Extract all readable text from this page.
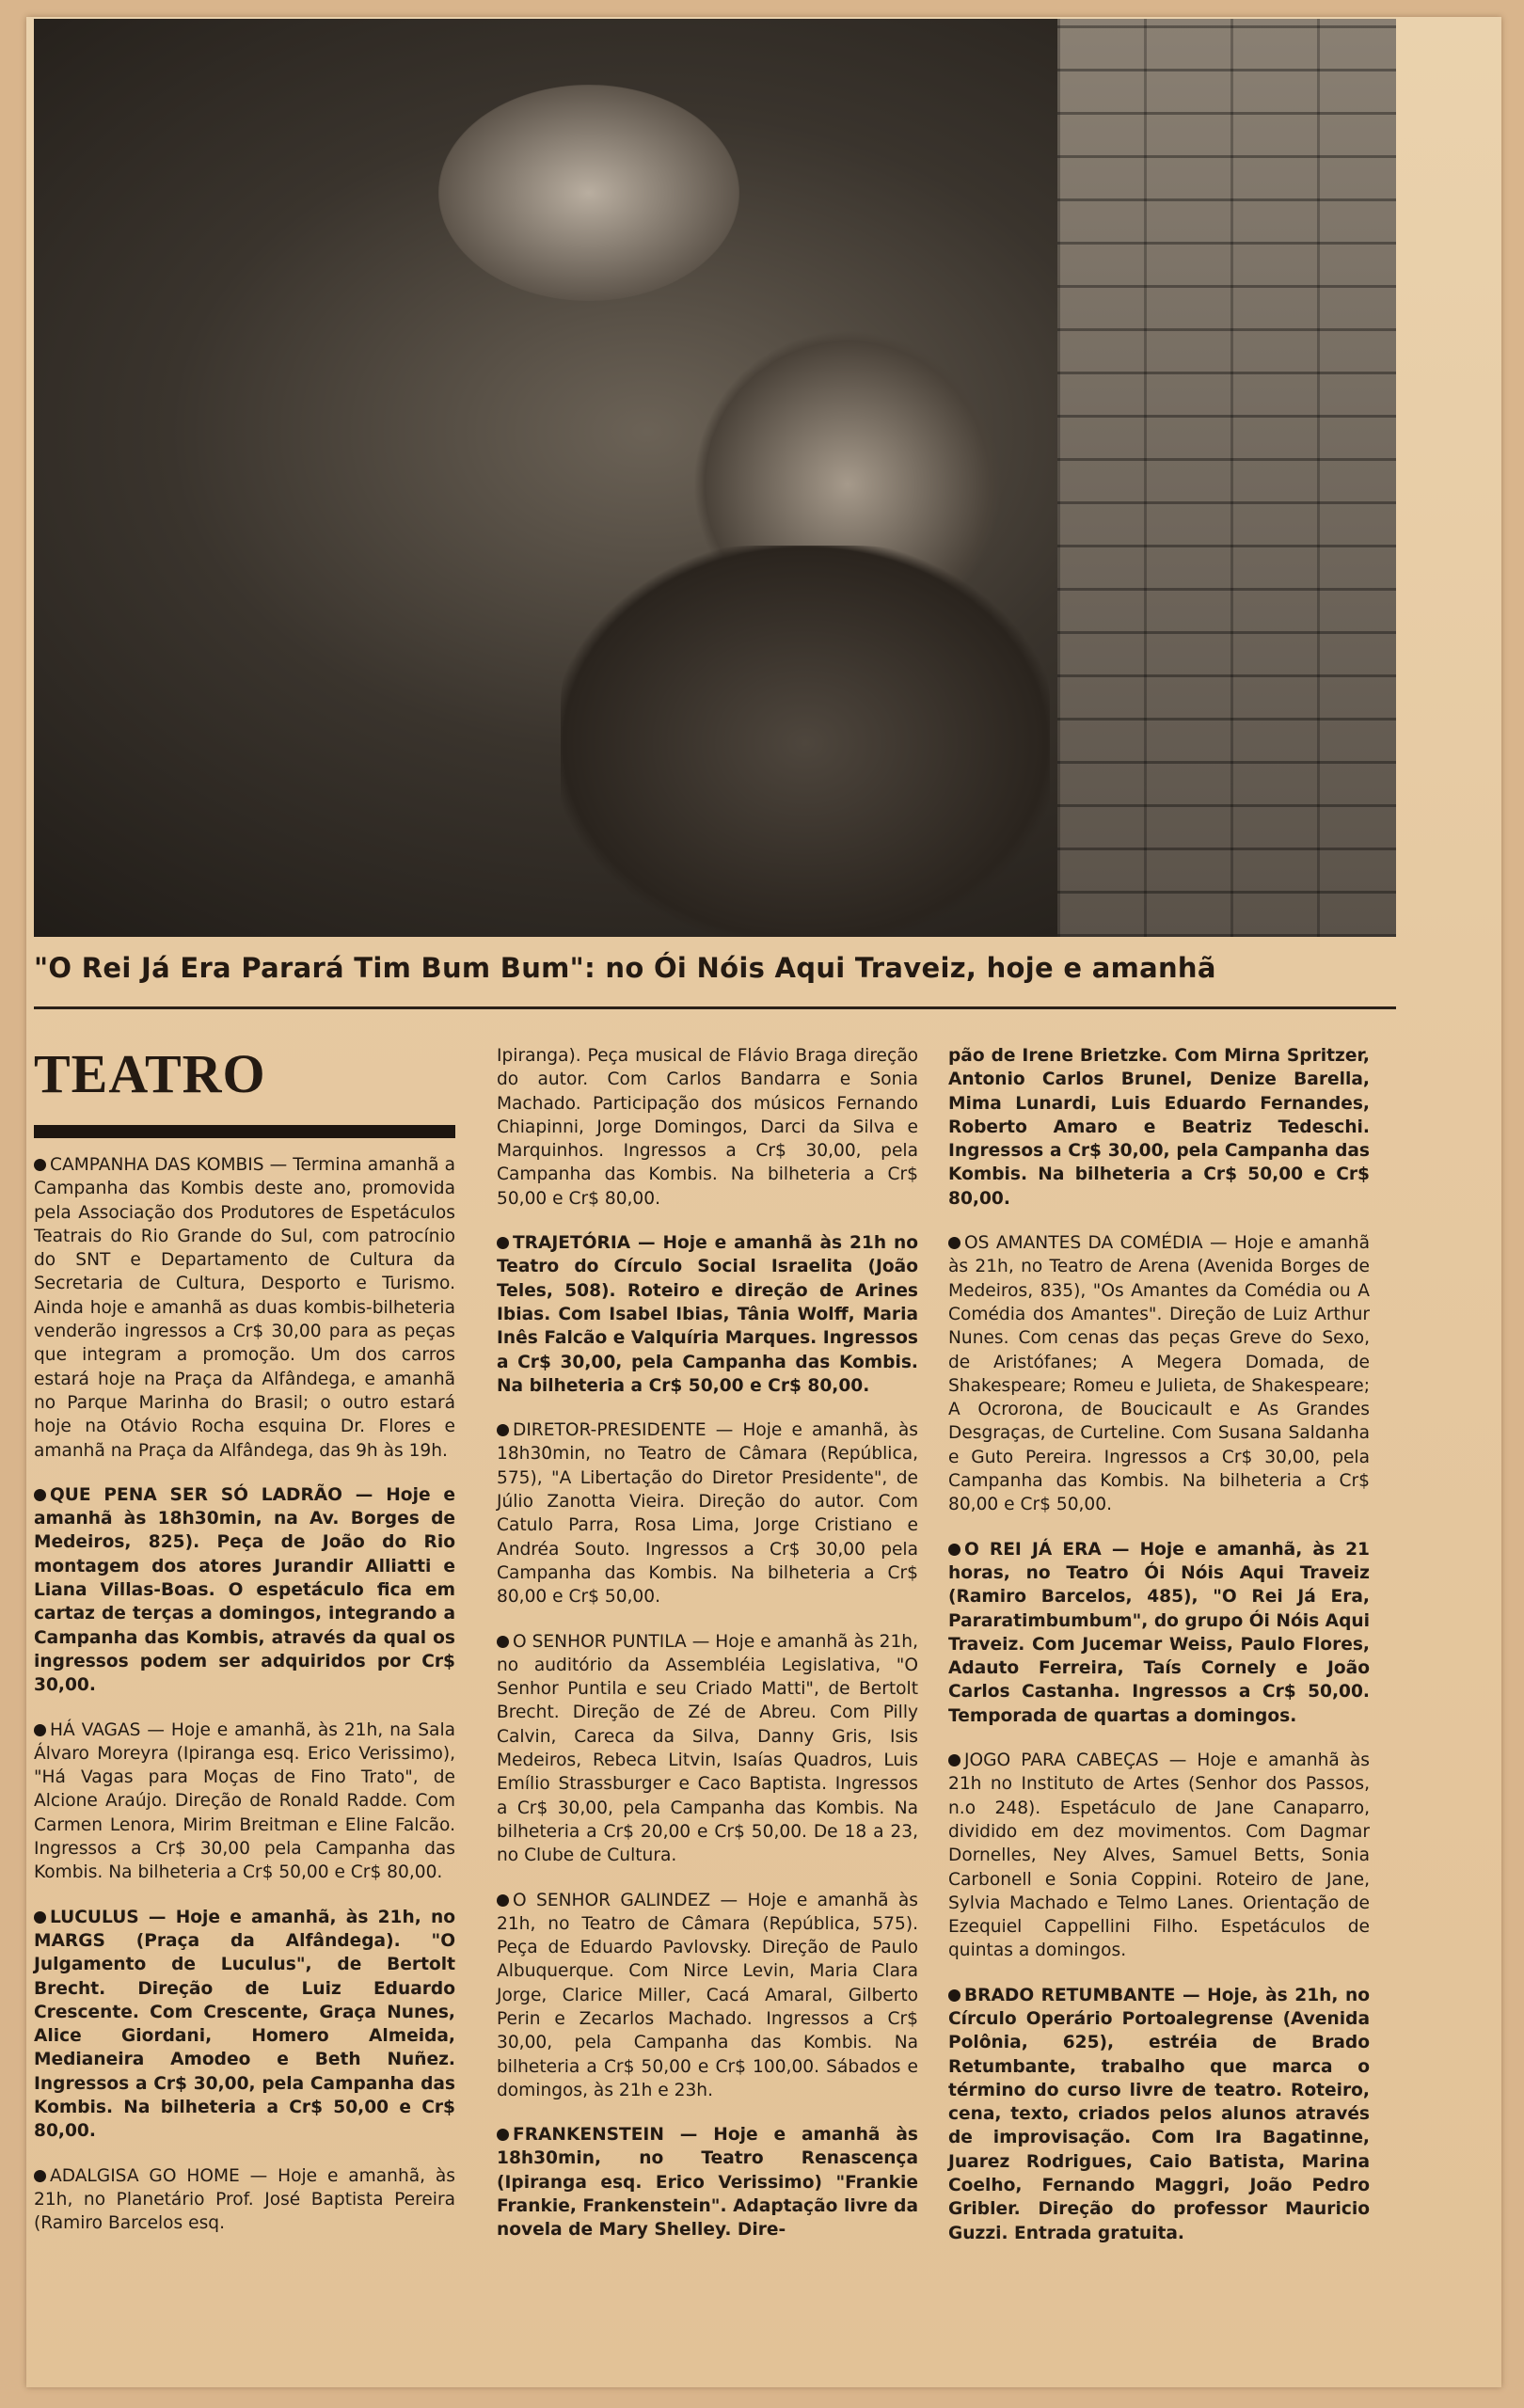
"O Rei Já Era Parará Tim Bum Bum": no Ói Nóis Aqui Traveiz, hoje e amanhã
TEATRO

CAMPANHA DAS KOMBIS — Termina amanhã a Campanha das Kombis deste ano, promovida pela Associação dos Produtores de Espetáculos Teatrais do Rio Grande do Sul, com patrocínio do SNT e Departamento de Cultura da Secretaria de Cultura, Desporto e Turismo. Ainda hoje e amanhã as duas kombis-bilheteria venderão ingressos a Cr$ 30,00 para as peças que integram a promoção. Um dos carros estará hoje na Praça da Alfândega, e amanhã no Parque Marinha do Brasil; o outro estará hoje na Otávio Rocha esquina Dr. Flores e amanhã na Praça da Alfândega, das 9h às 19h.

QUE PENA SER SÓ LADRÃO — Hoje e amanhã às 18h30min, na Av. Borges de Medeiros, 825). Peça de João do Rio montagem dos atores Jurandir Alliatti e Liana Villas-Boas. O espetáculo fica em cartaz de terças a domingos, integrando a Campanha das Kombis, através da qual os ingressos podem ser adquiridos por Cr$ 30,00.

HÁ VAGAS — Hoje e amanhã, às 21h, na Sala Álvaro Moreyra (Ipiranga esq. Erico Verissimo), "Há Vagas para Moças de Fino Trato", de Alcione Araújo. Direção de Ronald Radde. Com Carmen Lenora, Mirim Breitman e Eline Falcão. Ingressos a Cr$ 30,00 pela Campanha das Kombis. Na bilheteria a Cr$ 50,00 e Cr$ 80,00.

LUCULUS — Hoje e amanhã, às 21h, no MARGS (Praça da Alfândega). "O Julgamento de Luculus", de Bertolt Brecht. Direção de Luiz Eduardo Crescente. Com Crescente, Graça Nunes, Alice Giordani, Homero Almeida, Medianeira Amodeo e Beth Nuñez. Ingressos a Cr$ 30,00, pela Campanha das Kombis. Na bilheteria a Cr$ 50,00 e Cr$ 80,00.

ADALGISA GO HOME — Hoje e amanhã, às 21h, no Planetário Prof. José Baptista Pereira (Ramiro Barcelos esq.

Ipiranga). Peça musical de Flávio Braga direção do autor. Com Carlos Bandarra e Sonia Machado. Participação dos músicos Fernando Chiapinni, Jorge Domingos, Darci da Silva e Marquinhos. Ingressos a Cr$ 30,00, pela Campanha das Kombis. Na bilheteria a Cr$ 50,00 e Cr$ 80,00.

TRAJETÓRIA — Hoje e amanhã às 21h no Teatro do Círculo Social Israelita (João Teles, 508). Roteiro e direção de Arines Ibias. Com Isabel Ibias, Tânia Wolff, Maria Inês Falcão e Valquíria Marques. Ingressos a Cr$ 30,00, pela Campanha das Kombis. Na bilheteria a Cr$ 50,00 e Cr$ 80,00.

DIRETOR-PRESIDENTE — Hoje e amanhã, às 18h30min, no Teatro de Câmara (República, 575), "A Libertação do Diretor Presidente", de Júlio Zanotta Vieira. Direção do autor. Com Catulo Parra, Rosa Lima, Jorge Cristiano e Andréa Souto. Ingressos a Cr$ 30,00 pela Campanha das Kombis. Na bilheteria a Cr$ 80,00 e Cr$ 50,00.

O SENHOR PUNTILA — Hoje e amanhã às 21h, no auditório da Assembléia Legislativa, "O Senhor Puntila e seu Criado Matti", de Bertolt Brecht. Direção de Zé de Abreu. Com Pilly Calvin, Careca da Silva, Danny Gris, Isis Medeiros, Rebeca Litvin, Isaías Quadros, Luis Emílio Strassburger e Caco Baptista. Ingressos a Cr$ 30,00, pela Campanha das Kombis. Na bilheteria a Cr$ 20,00 e Cr$ 50,00. De 18 a 23, no Clube de Cultura.

O SENHOR GALINDEZ — Hoje e amanhã às 21h, no Teatro de Câmara (República, 575). Peça de Eduardo Pavlovsky. Direção de Paulo Albuquerque. Com Nirce Levin, Maria Clara Jorge, Clarice Miller, Cacá Amaral, Gilberto Perin e Zecarlos Machado. Ingressos a Cr$ 30,00, pela Campanha das Kombis. Na bilheteria a Cr$ 50,00 e Cr$ 100,00. Sábados e domingos, às 21h e 23h.

FRANKENSTEIN — Hoje e amanhã às 18h30min, no Teatro Renascença (Ipiranga esq. Erico Verissimo) "Frankie Frankie, Frankenstein". Adaptação livre da novela de Mary Shelley. Dire-

pão de Irene Brietzke. Com Mirna Spritzer, Antonio Carlos Brunel, Denize Barella, Mima Lunardi, Luis Eduardo Fernandes, Roberto Amaro e Beatriz Tedeschi. Ingressos a Cr$ 30,00, pela Campanha das Kombis. Na bilheteria a Cr$ 50,00 e Cr$ 80,00.

OS AMANTES DA COMÉDIA — Hoje e amanhã às 21h, no Teatro de Arena (Avenida Borges de Medeiros, 835), "Os Amantes da Comédia ou A Comédia dos Amantes". Direção de Luiz Arthur Nunes. Com cenas das peças Greve do Sexo, de Aristófanes; A Megera Domada, de Shakespeare; Romeu e Julieta, de Shakespeare; A Ocrorona, de Boucicault e As Grandes Desgraças, de Curteline. Com Susana Saldanha e Guto Pereira. Ingressos a Cr$ 30,00, pela Campanha das Kombis. Na bilheteria a Cr$ 80,00 e Cr$ 50,00.

O REI JÁ ERA — Hoje e amanhã, às 21 horas, no Teatro Ói Nóis Aqui Traveiz (Ramiro Barcelos, 485), "O Rei Já Era, Pararatimbumbum", do grupo Ói Nóis Aqui Traveiz. Com Jucemar Weiss, Paulo Flores, Adauto Ferreira, Taís Cornely e João Carlos Castanha. Ingressos a Cr$ 50,00. Temporada de quartas a domingos.

JOGO PARA CABEÇAS — Hoje e amanhã às 21h no Instituto de Artes (Senhor dos Passos, n.o 248). Espetáculo de Jane Canaparro, dividido em dez movimentos. Com Dagmar Dornelles, Ney Alves, Samuel Betts, Sonia Carbonell e Sonia Coppini. Roteiro de Jane, Sylvia Machado e Telmo Lanes. Orientação de Ezequiel Cappellini Filho. Espetáculos de quintas a domingos.

BRADO RETUMBANTE — Hoje, às 21h, no Círculo Operário Portoalegrense (Avenida Polônia, 625), estréia de Brado Retumbante, trabalho que marca o término do curso livre de teatro. Roteiro, cena, texto, criados pelos alunos através de improvisação. Com Ira Bagatinne, Juarez Rodrigues, Caio Batista, Marina Coelho, Fernando Maggri, João Pedro Gribler. Direção do professor Mauricio Guzzi. Entrada gratuita.
